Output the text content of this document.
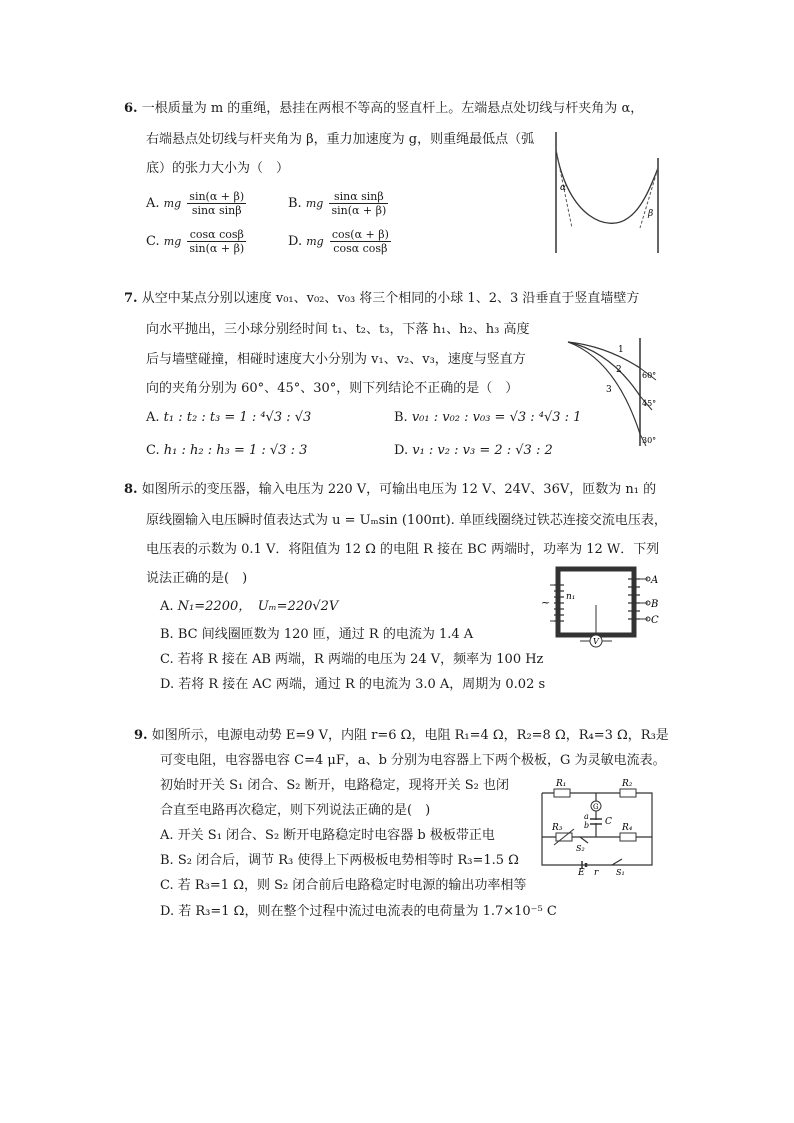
6. 一根质量为 m 的重绳，悬挂在两根不等高的竖直杆上。左端悬点处切线与杆夹角为 α，
右端悬点处切线与杆夹角为 β，重力加速度为 g，则重绳最低点（弧
底）的张力大小为（　）
A. mg $\frac{\sin(\alpha + \beta)}{\text{sinα sinβ}}$	B. mg $\frac{\text{sinα sinβ}}{\sin(\alpha + \beta)}$
C. mg $\frac{\text{cosα cosβ}}{\sin(\alpha + \beta)}$	D. mg $\frac{\cos(\alpha + \beta)}{\text{cosα cosβ}}$
α
β
7. 从空中某点分别以速度 v₀₁、v₀₂、v₀₃ 将三个相同的小球 1、2、3 沿垂直于竖直墙壁方
向水平抛出，三小球分别经时间 t₁、t₂、t₃，下落 h₁、h₂、h₃ 高度
后与墙壁碰撞，相碰时速度大小分别为 v₁、v₂、v₃，速度与竖直方
向的夹角分别为 60°、45°、30°，则下列结论不正确的是（　）
A. t₁ : t₂ : t₃ = 1 : ⁴√3 : √3	B. v₀₁ : v₀₂ : v₀₃ = √3 : ⁴√3 : 1
C. h₁ : h₂ : h₃ = 1 : √3 : 3	D. v₁ : v₂ : v₃ = 2 : √3 : 2
1
2
3
60°
45°
30°
8. 如图所示的变压器，输入电压为 220 V，可输出电压为 12 V、24V、36V，匝数为 n₁ 的
原线圈输入电压瞬时值表达式为 u = Uₘsin (100πt). 单匝线圈绕过铁芯连接交流电压表，
电压表的示数为 0.1 V．将阻值为 12 Ω 的电阻 R 接在 BC 两端时，功率为 12 W．下列
说法正确的是(　)
A. N₁=2200，　Uₘ=220√2V
B. BC 间线圈匝数为 120 匝，通过 R 的电流为 1.4 A
C. 若将 R 接在 AB 两端，R 两端的电压为 24 V，频率为 100 Hz
D. 若将 R 接在 AC 两端，通过 R 的电流为 3.0 A，周期为 0.02 s
A
B
C
n₁
~
V
9. 如图所示，电源电动势 E=9 V，内阻 r=6 Ω，电阻 R₁=4 Ω，R₂=8 Ω，R₄=3 Ω，R₃是
可变电阻，电容器电容 C=4 μF，a、b 分别为电容器上下两个极板，G 为灵敏电流表。
初始时开关 S₁ 闭合、S₂ 断开，电路稳定，现将开关 S₂ 也闭
合直至电路再次稳定，则下列说法正确的是(　)
A. 开关 S₁ 闭合、S₂ 断开电路稳定时电容器 b 极板带正电
B. S₂ 闭合后，调节 R₃ 使得上下两极板电势相等时 R₃=1.5 Ω
C. 若 R₃=1 Ω，则 S₂ 闭合前后电路稳定时电源的输出功率相等
D. 若 R₃=1 Ω，则在整个过程中流过电流表的电荷量为 1.7×10⁻⁵ C
R₁	R₂
G
a
b C
R₃	R₄
S₂
E r S₁
